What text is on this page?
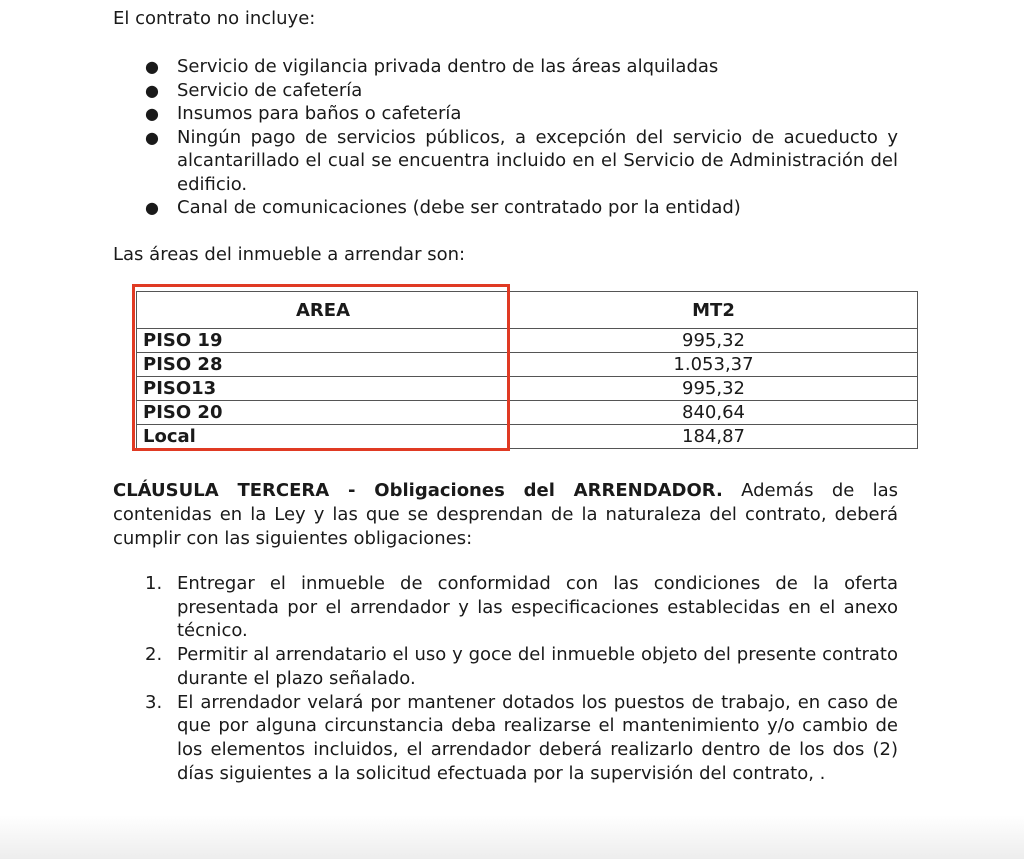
El contrato no incluye:

● Servicio de vigilancia privada dentro de las áreas alquiladas
● Servicio de cafetería
● Insumos para baños o cafetería
● Ningún pago de servicios públicos, a excepción del servicio de acueducto y alcantarillado el cual se encuentra incluido en el Servicio de Administración del edificio.
● Canal de comunicaciones (debe ser contratado por la entidad)

Las áreas del inmueble a arrendar son:

AREA	MT2
PISO 19	995,32
PISO 28	1.053,37
PISO13	995,32
PISO 20	840,64
Local	184,87

CLÁUSULA TERCERA - Obligaciones del ARRENDADOR. Además de las contenidas en la Ley y las que se desprendan de la naturaleza del contrato, deberá cumplir con las siguientes obligaciones:

1. Entregar el inmueble de conformidad con las condiciones de la oferta presentada por el arrendador y las especificaciones establecidas en el anexo técnico.
2. Permitir al arrendatario el uso y goce del inmueble objeto del presente contrato durante el plazo señalado.
3. El arrendador velará por mantener dotados los puestos de trabajo, en caso de que por alguna circunstancia deba realizarse el mantenimiento y/o cambio de los elementos incluidos, el arrendador deberá realizarlo dentro de los dos (2) días siguientes a la solicitud efectuada por la supervisión del contrato, .
